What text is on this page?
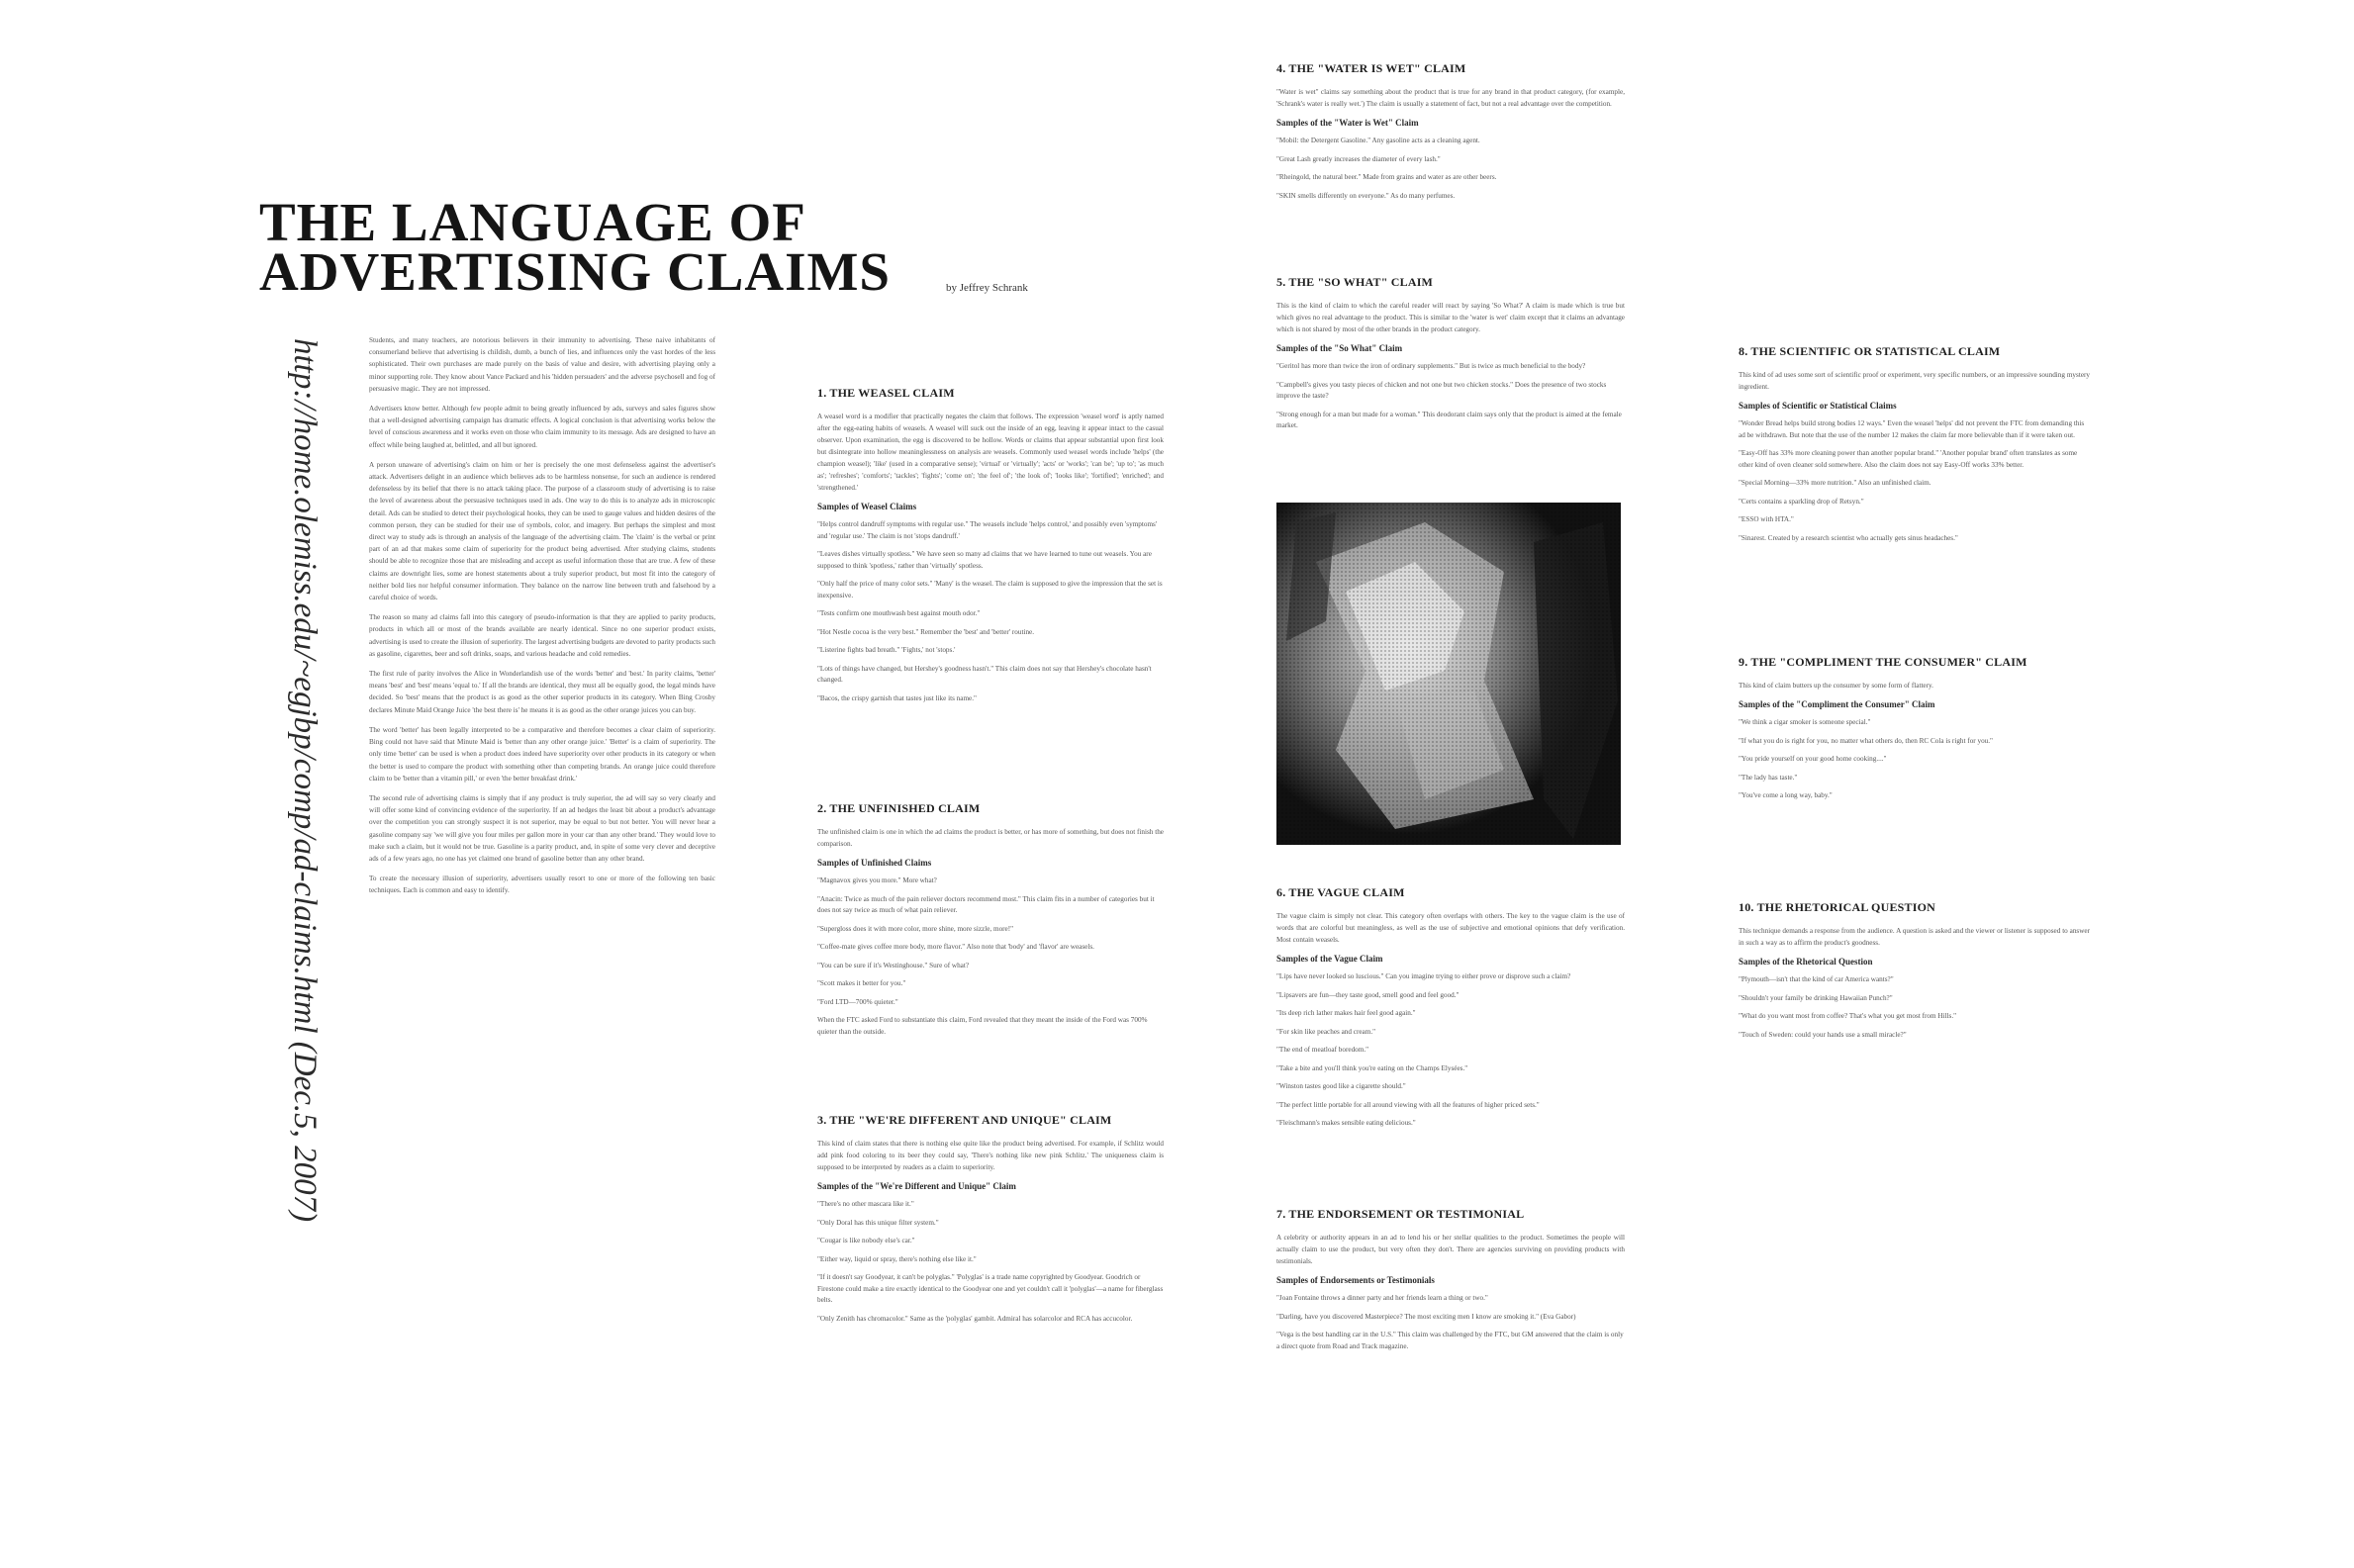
THE LANGUAGE OF
ADVERTISING CLAIMS	by Jeffrey Schrank
http://home.olemiss.edu/~egjbp/comp/ad-claims.html (Dec.5, 2007)	Students, and many teachers, are notorious believers in their immunity to advertising. These naive inhabitants of consumerland believe that advertising is childish, dumb, a bunch of lies, and influences only the vast hordes of the less sophisticated. Their own purchases are made purely on the basis of value and desire, with advertising playing only a minor supporting role. They know about Vance Packard and his 'hidden persuaders' and the adverse psychosell and fog of persuasive magic. They are not impressed.

Advertisers know better. Although few people admit to being greatly influenced by ads, surveys and sales figures show that a well-designed advertising campaign has dramatic effects. A logical conclusion is that advertising works below the level of conscious awareness and it works even on those who claim immunity to its message. Ads are designed to have an effect while being laughed at, belittled, and all but ignored.

A person unaware of advertising's claim on him or her is precisely the one most defenseless against the advertiser's attack. Advertisers delight in an audience which believes ads to be harmless nonsense, for such an audience is rendered defenseless by its belief that there is no attack taking place. The purpose of a classroom study of advertising is to raise the level of awareness about the persuasive techniques used in ads. One way to do this is to analyze ads in microscopic detail. Ads can be studied to detect their psychological hooks, they can be used to gauge values and hidden desires of the common person, they can be studied for their use of symbols, color, and imagery. But perhaps the simplest and most direct way to study ads is through an analysis of the language of the advertising claim. The 'claim' is the verbal or print part of an ad that makes some claim of superiority for the product being advertised. After studying claims, students should be able to recognize those that are misleading and accept as useful information those that are true. A few of these claims are downright lies, some are honest statements about a truly superior product, but most fit into the category of neither bold lies nor helpful consumer information. They balance on the narrow line between truth and falsehood by a careful choice of words.

The reason so many ad claims fall into this category of pseudo-information is that they are applied to parity products, products in which all or most of the brands available are nearly identical. Since no one superior product exists, advertising is used to create the illusion of superiority. The largest advertising budgets are devoted to parity products such as gasoline, cigarettes, beer and soft drinks, soaps, and various headache and cold remedies.

The first rule of parity involves the Alice in Wonderlandish use of the words 'better' and 'best.' In parity claims, 'better' means 'best' and 'best' means 'equal to.' If all the brands are identical, they must all be equally good, the legal minds have decided. So 'best' means that the product is as good as the other superior products in its category. When Bing Crosby declares Minute Maid Orange Juice 'the best there is' he means it is as good as the other orange juices you can buy.

The word 'better' has been legally interpreted to be a comparative and therefore becomes a clear claim of superiority. Bing could not have said that Minute Maid is 'better than any other orange juice.' 'Better' is a claim of superiority. The only time 'better' can be used is when a product does indeed have superiority over other products in its category or when the better is used to compare the product with something other than competing brands. An orange juice could therefore claim to be 'better than a vitamin pill,' or even 'the better breakfast drink.'

The second rule of advertising claims is simply that if any product is truly superior, the ad will say so very clearly and will offer some kind of convincing evidence of the superiority. If an ad hedges the least bit about a product's advantage over the competition you can strongly suspect it is not superior, may be equal to but not better. You will never hear a gasoline company say 'we will give you four miles per gallon more in your car than any other brand.' They would love to make such a claim, but it would not be true. Gasoline is a parity product, and, in spite of some very clever and deceptive ads of a few years ago, no one has yet claimed one brand of gasoline better than any other brand.

To create the necessary illusion of superiority, advertisers usually resort to one or more of the following ten basic techniques. Each is common and easy to identify.

1. THE WEASEL CLAIM

A weasel word is a modifier that practically negates the claim that follows. The expression 'weasel word' is aptly named after the egg-eating habits of weasels. A weasel will suck out the inside of an egg, leaving it appear intact to the casual observer. Upon examination, the egg is discovered to be hollow. Words or claims that appear substantial upon first look but disintegrate into hollow meaninglessness on analysis are weasels. Commonly used weasel words include 'helps' (the champion weasel); 'like' (used in a comparative sense); 'virtual' or 'virtually'; 'acts' or 'works'; 'can be'; 'up to'; 'as much as'; 'refreshes'; 'comforts'; 'tackles'; 'fights'; 'come on'; 'the feel of'; 'the look of'; 'looks like'; 'fortified'; 'enriched'; and 'strengthened.'

Samples of Weasel Claims

"Helps control dandruff symptoms with regular use." The weasels include 'helps control,' and possibly even 'symptoms' and 'regular use.' The claim is not 'stops dandruff.'

"Leaves dishes virtually spotless." We have seen so many ad claims that we have learned to tune out weasels. You are supposed to think 'spotless,' rather than 'virtually' spotless.

"Only half the price of many color sets." 'Many' is the weasel. The claim is supposed to give the impression that the set is inexpensive.

"Tests confirm one mouthwash best against mouth odor."

"Hot Nestle cocoa is the very best." Remember the 'best' and 'better' routine.

"Listerine fights bad breath." 'Fights,' not 'stops.'

"Lots of things have changed, but Hershey's goodness hasn't." This claim does not say that Hershey's chocolate hasn't changed.

"Bacos, the crispy garnish that tastes just like its name."

2. THE UNFINISHED CLAIM

The unfinished claim is one in which the ad claims the product is better, or has more of something, but does not finish the comparison.

Samples of Unfinished Claims

"Magnavox gives you more." More what?

"Anacin: Twice as much of the pain reliever doctors recommend most." This claim fits in a number of categories but it does not say twice as much of what pain reliever.

"Supergloss does it with more color, more shine, more sizzle, more!"

"Coffee-mate gives coffee more body, more flavor." Also note that 'body' and 'flavor' are weasels.

"You can be sure if it's Westinghouse." Sure of what?

"Scott makes it better for you."

"Ford LTD—700% quieter."

When the FTC asked Ford to substantiate this claim, Ford revealed that they meant the inside of the Ford was 700% quieter than the outside.

3. THE "WE'RE DIFFERENT AND UNIQUE" CLAIM

This kind of claim states that there is nothing else quite like the product being advertised. For example, if Schlitz would add pink food coloring to its beer they could say, 'There's nothing like new pink Schlitz.' The uniqueness claim is supposed to be interpreted by readers as a claim to superiority.

Samples of the "We're Different and Unique" Claim

"There's no other mascara like it."

"Only Doral has this unique filter system."

"Cougar is like nobody else's car."

"Either way, liquid or spray, there's nothing else like it."

"If it doesn't say Goodyear, it can't be polyglas." 'Polyglas' is a trade name copyrighted by Goodyear. Goodrich or Firestone could make a tire exactly identical to the Goodyear one and yet couldn't call it 'polyglas'—a name for fiberglass belts.

"Only Zenith has chromacolor." Same as the 'polyglas' gambit. Admiral has solarcolor and RCA has accucolor.

4. THE "WATER IS WET" CLAIM

"Water is wet" claims say something about the product that is true for any brand in that product category, (for example, 'Schrank's water is really wet.') The claim is usually a statement of fact, but not a real advantage over the competition.

Samples of the "Water is Wet" Claim

"Mobil: the Detergent Gasoline." Any gasoline acts as a cleaning agent.

"Great Lash greatly increases the diameter of every lash."

"Rheingold, the natural beer." Made from grains and water as are other beers.

"SKIN smells differently on everyone." As do many perfumes.

5. THE "SO WHAT" CLAIM

This is the kind of claim to which the careful reader will react by saying 'So What?' A claim is made which is true but which gives no real advantage to the product. This is similar to the 'water is wet' claim except that it claims an advantage which is not shared by most of the other brands in the product category.

Samples of the "So What" Claim

"Geritol has more than twice the iron of ordinary supplements." But is twice as much beneficial to the body?

"Campbell's gives you tasty pieces of chicken and not one but two chicken stocks." Does the presence of two stocks improve the taste?

"Strong enough for a man but made for a woman." This deodorant claim says only that the product is aimed at the female market.

6. THE VAGUE CLAIM

The vague claim is simply not clear. This category often overlaps with others. The key to the vague claim is the use of words that are colorful but meaningless, as well as the use of subjective and emotional opinions that defy verification. Most contain weasels.

Samples of the Vague Claim

"Lips have never looked so luscious." Can you imagine trying to either prove or disprove such a claim?

"Lipsavers are fun—they taste good, smell good and feel good."

"Its deep rich lather makes hair feel good again."

"For skin like peaches and cream."

"The end of meatloaf boredom."

"Take a bite and you'll think you're eating on the Champs Elysées."

"Winston tastes good like a cigarette should."

"The perfect little portable for all around viewing with all the features of higher priced sets."

"Fleischmann's makes sensible eating delicious."

7. THE ENDORSEMENT OR TESTIMONIAL

A celebrity or authority appears in an ad to lend his or her stellar qualities to the product. Sometimes the people will actually claim to use the product, but very often they don't. There are agencies surviving on providing products with testimonials.

Samples of Endorsements or Testimonials

"Joan Fontaine throws a dinner party and her friends learn a thing or two."

"Darling, have you discovered Masterpiece? The most exciting men I know are smoking it." (Eva Gabor)

"Vega is the best handling car in the U.S." This claim was challenged by the FTC, but GM answered that the claim is only a direct quote from Road and Track magazine.

8. THE SCIENTIFIC OR STATISTICAL CLAIM

This kind of ad uses some sort of scientific proof or experiment, very specific numbers, or an impressive sounding mystery ingredient.

Samples of Scientific or Statistical Claims

"Wonder Bread helps build strong bodies 12 ways." Even the weasel 'helps' did not prevent the FTC from demanding this ad be withdrawn. But note that the use of the number 12 makes the claim far more believable than if it were taken out.

"Easy-Off has 33% more cleaning power than another popular brand." 'Another popular brand' often translates as some other kind of oven cleaner sold somewhere. Also the claim does not say Easy-Off works 33% better.

"Special Morning—33% more nutrition." Also an unfinished claim.

"Certs contains a sparkling drop of Retsyn."

"ESSO with HTA."

"Sinarest. Created by a research scientist who actually gets sinus headaches."

9. THE "COMPLIMENT THE CONSUMER" CLAIM

This kind of claim butters up the consumer by some form of flattery.

Samples of the "Compliment the Consumer" Claim

"We think a cigar smoker is someone special."

"If what you do is right for you, no matter what others do, then RC Cola is right for you."

"You pride yourself on your good home cooking...."

"The lady has taste."

"You've come a long way, baby."

10. THE RHETORICAL QUESTION

This technique demands a response from the audience. A question is asked and the viewer or listener is supposed to answer in such a way as to affirm the product's goodness.

Samples of the Rhetorical Question

"Plymouth—isn't that the kind of car America wants?"

"Shouldn't your family be drinking Hawaiian Punch?"

"What do you want most from coffee? That's what you get most from Hills."

"Touch of Sweden: could your hands use a small miracle?"
